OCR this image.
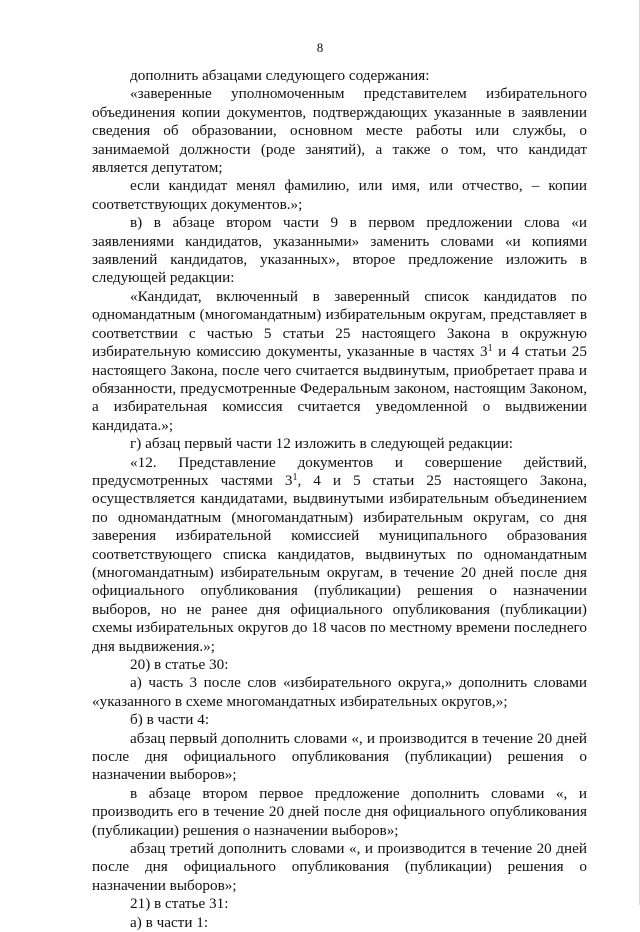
8

дополнить абзацами следующего содержания:

«заверенные уполномоченным представителем избирательного объединения копии документов, подтверждающих указанные в заявлении сведения об образовании, основном месте работы или службы, о занимаемой должности (роде занятий), а также о том, что кандидат является депутатом;

если кандидат менял фамилию, или имя, или отчество, – копии соответствующих документов.»;

в) в абзаце втором части 9 в первом предложении слова «и заявлениями кандидатов, указанными» заменить словами «и копиями заявлений кандидатов, указанных», второе предложение изложить в следующей редакции:

«Кандидат, включенный в заверенный список кандидатов по одномандатным (многомандатным) избирательным округам, представляет в соответствии с частью 5 статьи 25 настоящего Закона в окружную избирательную комиссию документы, указанные в частях $3^1$ и 4 статьи 25 настоящего Закона, после чего считается выдвинутым, приобретает права и обязанности, предусмотренные Федеральным законом, настоящим Законом, а избирательная комиссия считается уведомленной о выдвижении кандидата.»;

г) абзац первый части 12 изложить в следующей редакции:

«12. Представление документов и совершение действий, предусмотренных частями $3^1$, 4 и 5 статьи 25 настоящего Закона, осуществляется кандидатами, выдвинутыми избирательным объединением по одномандатным (многомандатным) избирательным округам, со дня заверения избирательной комиссией муниципального образования соответствующего списка кандидатов, выдвинутых по одномандатным (многомандатным) избирательным округам, в течение 20 дней после дня официального опубликования (публикации) решения о назначении выборов, но не ранее дня официального опубликования (публикации) схемы избирательных округов до 18 часов по местному времени последнего дня выдвижения.»;

20) в статье 30:

а) часть 3 после слов «избирательного округа,» дополнить словами «указанного в схеме многомандатных избирательных округов,»;

б) в части 4:

абзац первый дополнить словами «, и производится в течение 20 дней после дня официального опубликования (публикации) решения о назначении выборов»;

в абзаце втором первое предложение дополнить словами «, и производить его в течение 20 дней после дня официального опубликования (публикации) решения о назначении выборов»;

абзац третий дополнить словами «, и производится в течение 20 дней после дня официального опубликования (публикации) решения о назначении выборов»;

21) в статье 31:

а) в части 1:
